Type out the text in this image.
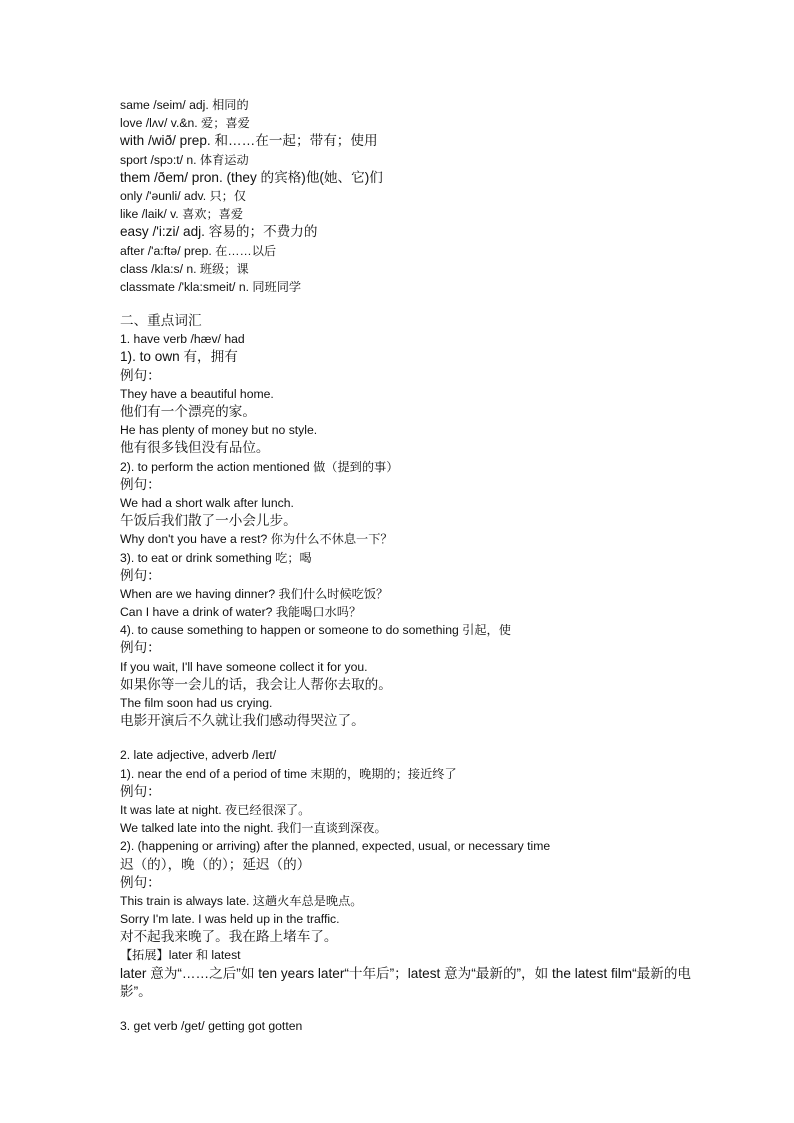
same /seim/ adj. 相同的
love /lʌv/ v.&n. 爱；喜爱
with /wið/ prep. 和……在一起；带有；使用
sport /spɔ:t/ n. 体育运动
them /ðem/ pron. (they 的宾格)他(她、它)们
only /'əunli/ adv. 只；仅
like /laik/ v. 喜欢；喜爱
easy /'i:zi/ adj. 容易的；不费力的
after /'a:ftə/ prep. 在……以后
class /kla:s/ n. 班级；课
classmate /'kla:smeit/ n. 同班同学
二、重点词汇
1. have verb /hæv/ had
1). to own 有，拥有
例句：
They have a beautiful home.
他们有一个漂亮的家。
He has plenty of money but no style.
他有很多钱但没有品位。
2). to perform the action mentioned 做（提到的事）
例句：
We had a short walk after lunch.
午饭后我们散了一小会儿步。
Why don't you have a rest? 你为什么不休息一下？
3). to eat or drink something 吃；喝
例句：
When are we having dinner? 我们什么时候吃饭？
Can I have a drink of water? 我能喝口水吗？
4). to cause something to happen or someone to do something 引起，使
例句：
If you wait, I'll have someone collect it for you.
如果你等一会儿的话，我会让人帮你去取的。
The film soon had us crying.
电影开演后不久就让我们感动得哭泣了。
2. late adjective, adverb /leɪt/
1). near the end of a period of time 末期的，晚期的；接近终了
例句：
It was late at night. 夜已经很深了。
We talked late into the night. 我们一直谈到深夜。
2). (happening or arriving) after the planned, expected, usual, or necessary time
迟（的），晚（的）；延迟（的）
例句：
This train is always late. 这趟火车总是晚点。
Sorry I'm late. I was held up in the traffic.
对不起我来晚了。我在路上堵车了。
【拓展】later 和 latest
later 意为“……之后”如 ten years later“十年后”；latest 意为“最新的”，如 the latest film“最新的电影”。
3. get verb /get/ getting got gotten
